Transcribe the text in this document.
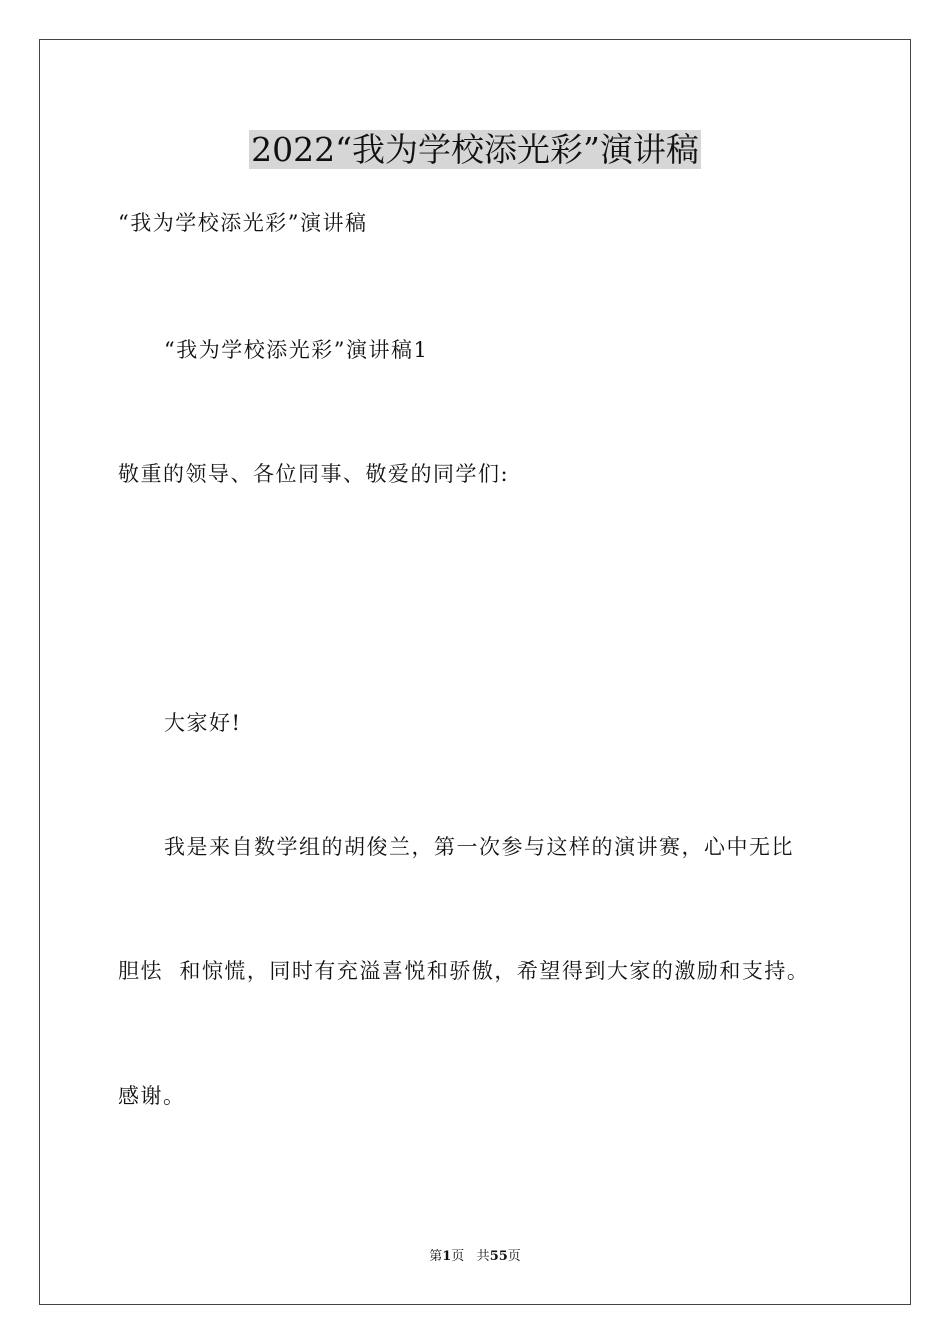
2022“我为学校添光彩”演讲稿
“我为学校添光彩”演讲稿
“我为学校添光彩”演讲稿1
敬重的领导、各位同事、敬爱的同学们:
大家好!
我是来自数学组的胡俊兰，第一次参与这样的演讲赛，心中无比
胆怯  和惊慌，同时有充溢喜悦和骄傲，希望得到大家的激励和支持。
感谢。
第1页 共55页
